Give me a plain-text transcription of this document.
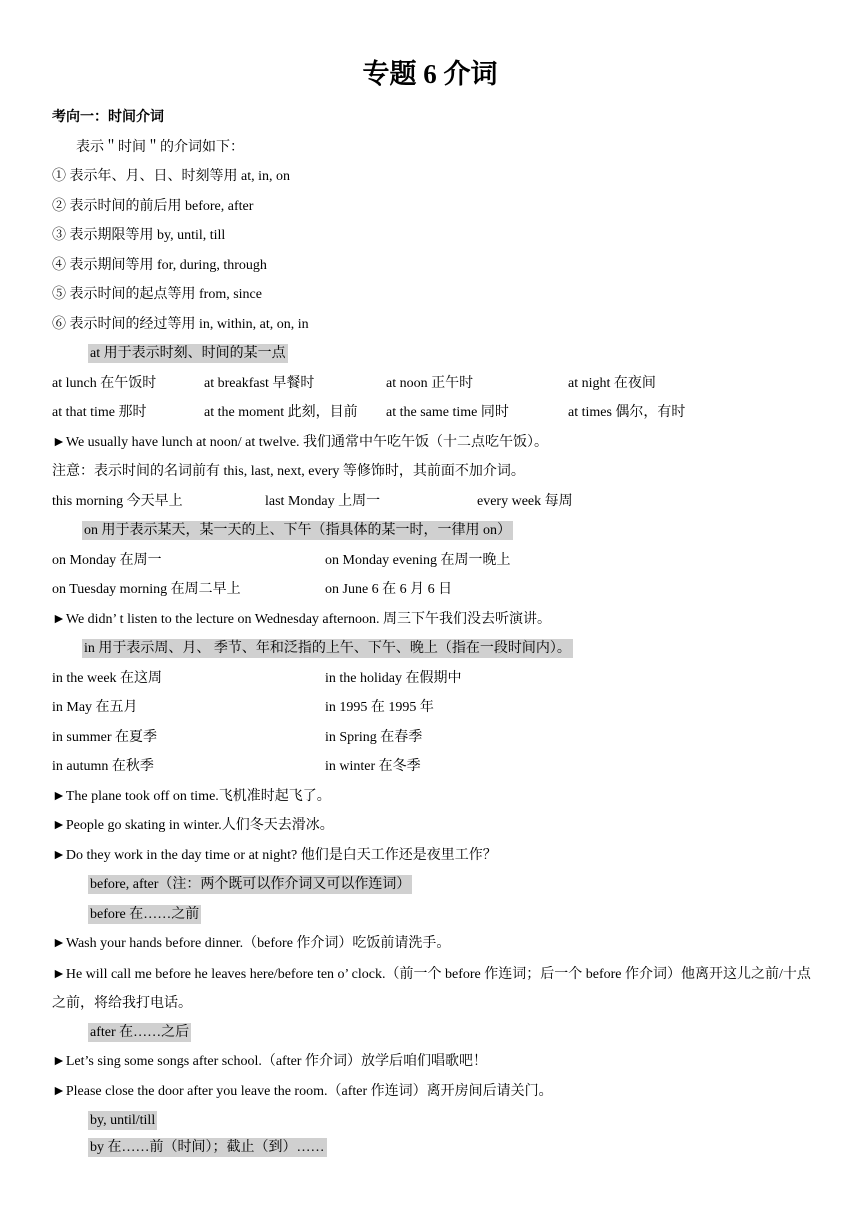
专题 6 介词
考向一：时间介词
表示＂时间＂的介词如下：
① 表示年、月、日、时刻等用 at, in, on
② 表示时间的前后用 before, after
③ 表示期限等用 by, until, till
④ 表示期间等用 for, during, through
⑤ 表示时间的起点等用 from, since
⑥ 表示时间的经过等用 in, within, at, on, in
at 用于表示时刻、时间的某一点
at lunch 在午饭时	at breakfast 早餐时	at noon 正午时	at night 在夜间
at that time 那时	at the moment 此刻，目前 at the same time 同时	at times 偶尔，有时
►We usually have lunch at noon/ at twelve. 我们通常中午吃午饭（十二点吃午饭）。
注意：表示时间的名词前有 this, last, next, every 等修饰时，其前面不加介词。
this morning 今天早上	last Monday 上周一	every week 每周
on 用于表示某天，某一天的上、下午（指具体的某一时，一律用 on）
on Monday 在周一	on Monday evening 在周一晚上
on Tuesday morning 在周二早上	on June 6 在 6 月 6 日
►We didn’ t listen to the lecture on Wednesday afternoon. 周三下午我们没去听演讲。
in 用于表示周、月、 季节、年和泛指的上午、下午、晚上（指在一段时间内）。
in the week 在这周	in the holiday 在假期中
in May 在五月	in 1995 在 1995 年
in summer 在夏季	in Spring 在春季
in autumn 在秋季	in winter 在冬季
►The plane took off on time.飞机准时起飞了。
►People go skating in winter.人们冬天去滑冰。
►Do they work in the day time or at night? 他们是白天工作还是夜里工作？
before, after（注：两个既可以作介词又可以作连词）
before 在……之前
►Wash your hands before dinner.（before 作介词）吃饭前请洗手。
►He will call me before he leaves here/before ten o’ clock.（前一个 before 作连词；后一个 before 作介词）他离开这儿之前/十点之前，将给我打电话。
after 在……之后
►Let’s sing some songs after school.（after 作介词）放学后咱们唱歌吧！
►Please close the door after you leave the room.（after 作连词）离开房间后请关门。
by, until/till
by 在……前（时间）；截止（到）……
